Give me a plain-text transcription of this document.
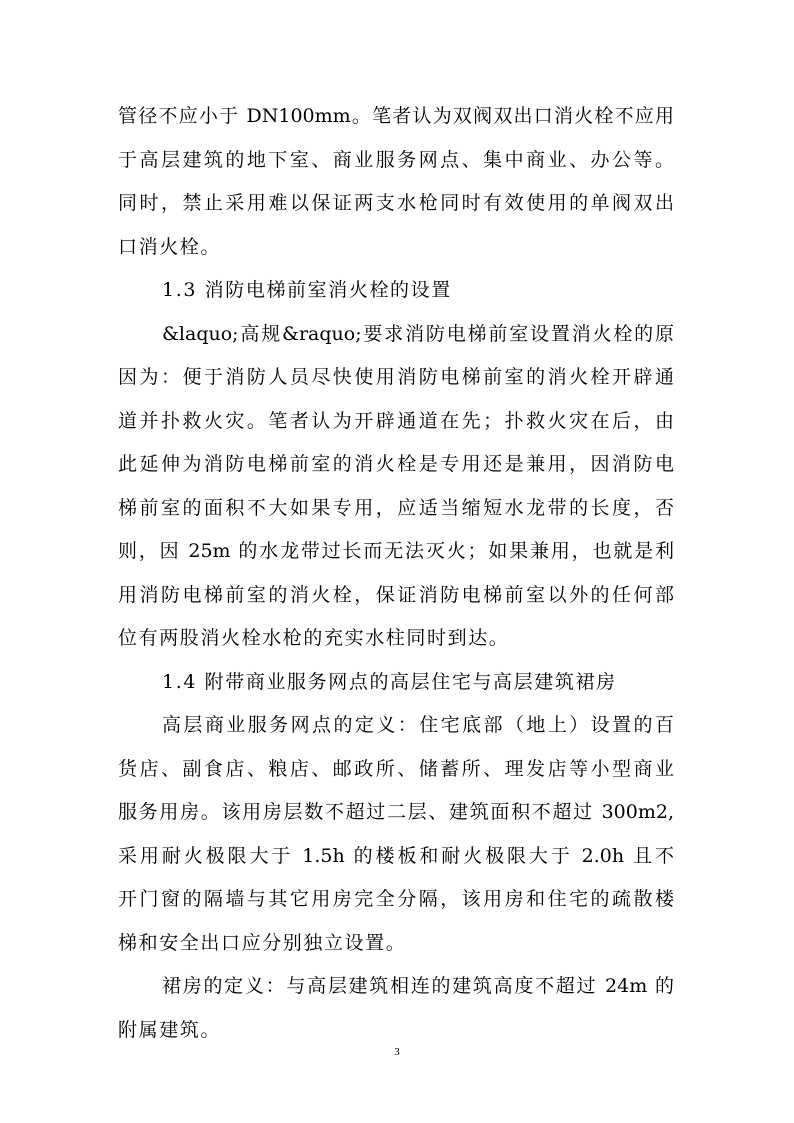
管径不应小于 DN100mm。笔者认为双阀双出口消火栓不应用
于高层建筑的地下室、商业服务网点、集中商业、办公等。
同时，禁止采用难以保证两支水枪同时有效使用的单阀双出
口消火栓。
1.3 消防电梯前室消火栓的设置
&laquo;高规&raquo;要求消防电梯前室设置消火栓的原
因为：便于消防人员尽快使用消防电梯前室的消火栓开辟通
道并扑救火灾。笔者认为开辟通道在先；扑救火灾在后，由
此延伸为消防电梯前室的消火栓是专用还是兼用，因消防电
梯前室的面积不大如果专用，应适当缩短水龙带的长度，否
则，因 25m 的水龙带过长而无法灭火；如果兼用，也就是利
用消防电梯前室的消火栓，保证消防电梯前室以外的任何部
位有两股消火栓水枪的充实水柱同时到达。
1.4 附带商业服务网点的高层住宅与高层建筑裙房
高层商业服务网点的定义：住宅底部（地上）设置的百
货店、副食店、粮店、邮政所、储蓄所、理发店等小型商业
服务用房。该用房层数不超过二层、建筑面积不超过 300m2,
采用耐火极限大于 1.5h 的楼板和耐火极限大于 2.0h 且不
开门窗的隔墙与其它用房完全分隔，该用房和住宅的疏散楼
梯和安全出口应分别独立设置。
裙房的定义：与高层建筑相连的建筑高度不超过 24m 的
附属建筑。
3
